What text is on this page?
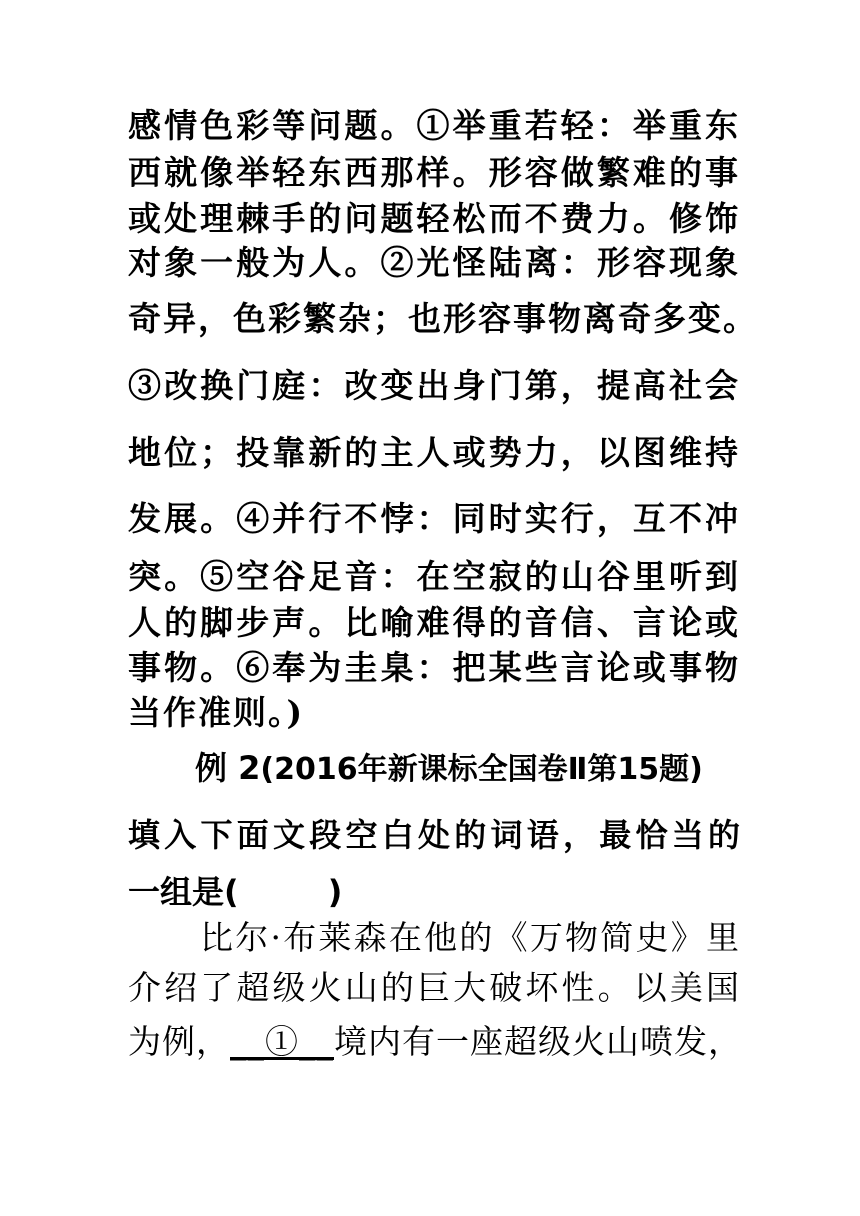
感情色彩等问题。①举重若轻：举重东
西就像举轻东西那样。形容做繁难的事
或处理棘手的问题轻松而不费力。修饰
对象一般为人。②光怪陆离：形容现象
奇异，色彩繁杂；也形容事物离奇多变。
③改换门庭：改变出身门第，提高社会
地位；投靠新的主人或势力，以图维持
发展。④并行不悖：同时实行，互不冲
突。⑤空谷足音：在空寂的山谷里听到
人的脚步声。比喻难得的音信、言论或
事物。⑥奉为圭臬：把某些言论或事物
当作准则。)
例 2(2016年新课标全国卷Ⅱ第15题)
填入下面文段空白处的词语，最恰当的
一组是(        )
比尔·布莱森在他的《万物简史》里
介绍了超级火山的巨大破坏性。以美国
为例，__①__境内有一座超级火山喷发，
